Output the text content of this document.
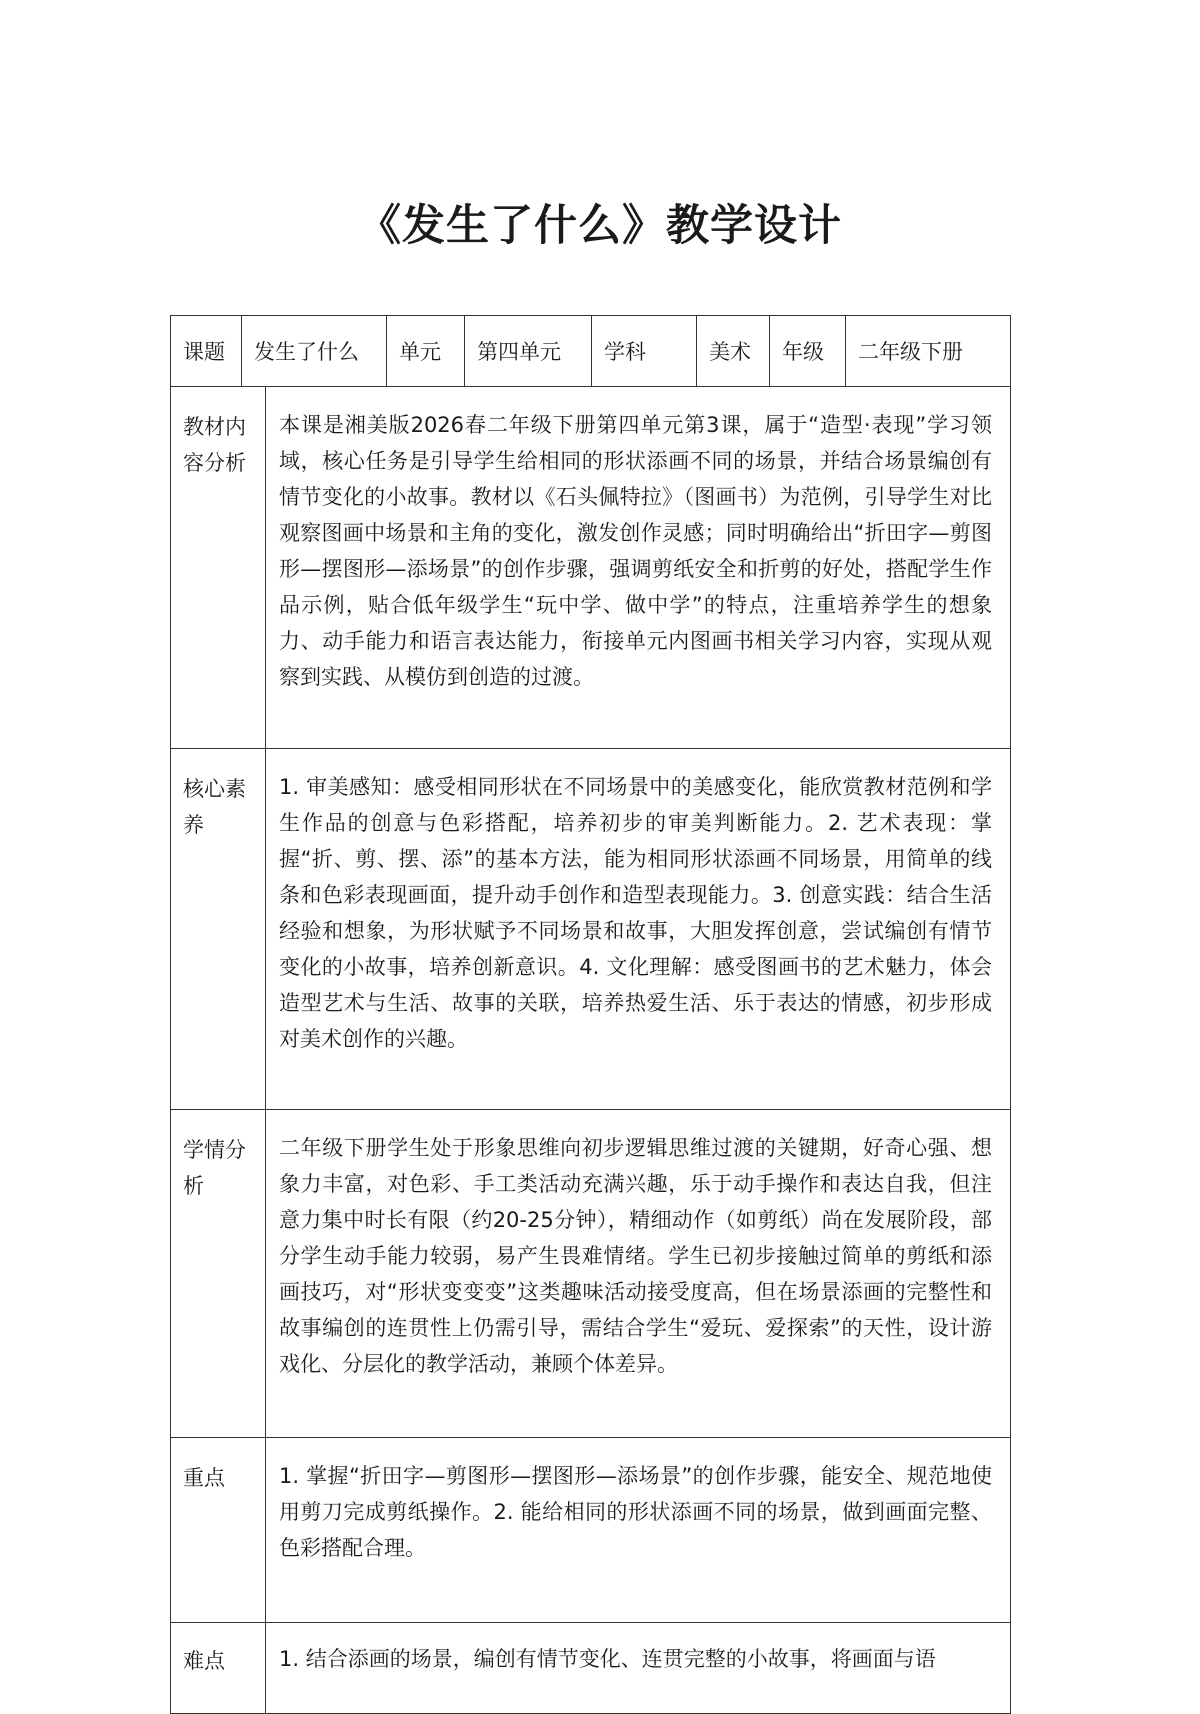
《发生了什么》教学设计
课题	发生了什么		单元	第四单元	学科	美术	年级	二年级下册
教材内容分析		本课是湘美版2026春二年级下册第四单元第3课，属于“造型·表现”学习领域，核心任务是引导学生给相同的形状添画不同的场景，并结合场景编创有情节变化的小故事。教材以《石头佩特拉》（图画书）为范例，引导学生对比观察图画中场景和主角的变化，激发创作灵感；同时明确给出“折田字—剪图形—摆图形—添场景”的创作步骤，强调剪纸安全和折剪的好处，搭配学生作品示例，贴合低年级学生“玩中学、做中学”的特点，注重培养学生的想象力、动手能力和语言表达能力，衔接单元内图画书相关学习内容，实现从观察到实践、从模仿到创造的过渡。						
核心素养		1. 审美感知：感受相同形状在不同场景中的美感变化，能欣赏教材范例和学生作品的创意与色彩搭配，培养初步的审美判断能力。2. 艺术表现：掌握“折、剪、摆、添”的基本方法，能为相同形状添画不同场景，用简单的线条和色彩表现画面，提升动手创作和造型表现能力。3. 创意实践：结合生活经验和想象，为形状赋予不同场景和故事，大胆发挥创意，尝试编创有情节变化的小故事，培养创新意识。4. 文化理解：感受图画书的艺术魅力，体会造型艺术与生活、故事的关联，培养热爱生活、乐于表达的情感，初步形成对美术创作的兴趣。						
学情分析		二年级下册学生处于形象思维向初步逻辑思维过渡的关键期，好奇心强、想象力丰富，对色彩、手工类活动充满兴趣，乐于动手操作和表达自我，但注意力集中时长有限（约20-25分钟），精细动作（如剪纸）尚在发展阶段，部分学生动手能力较弱，易产生畏难情绪。学生已初步接触过简单的剪纸和添画技巧，对“形状变变变”这类趣味活动接受度高，但在场景添画的完整性和故事编创的连贯性上仍需引导，需结合学生“爱玩、爱探索”的天性，设计游戏化、分层化的教学活动，兼顾个体差异。						
重点		1. 掌握“折田字—剪图形—摆图形—添场景”的创作步骤，能安全、规范地使用剪刀完成剪纸操作。2. 能给相同的形状添画不同的场景，做到画面完整、色彩搭配合理。						
难点		1. 结合添画的场景，编创有情节变化、连贯完整的小故事，将画面与语						
